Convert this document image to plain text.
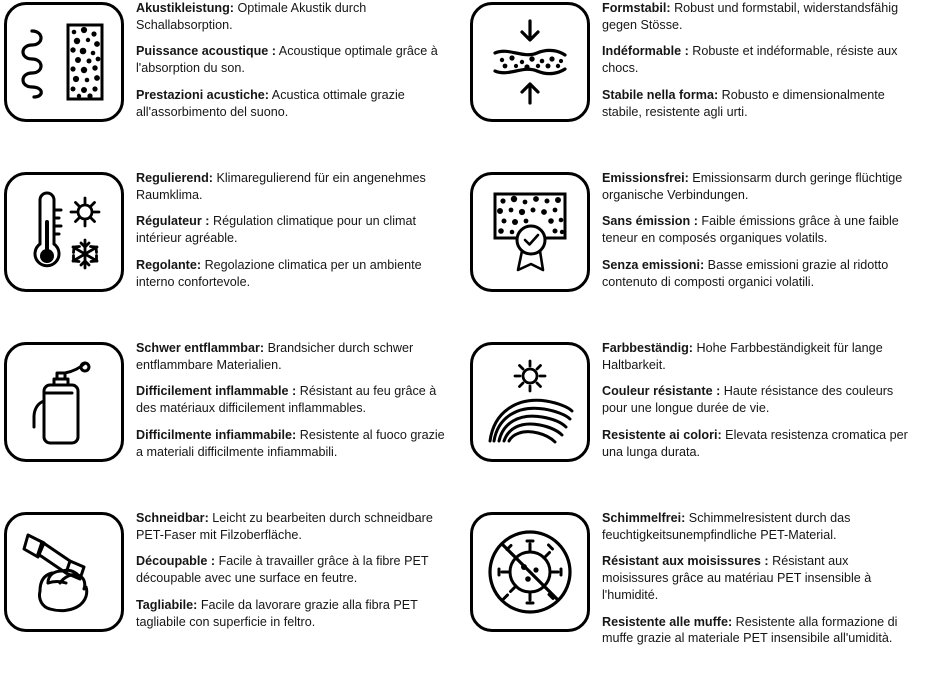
Akustikleistung: Optimale Akustik durch Schallabsorption.
Puissance acoustique : Acoustique optimale grâce à l'absorption du son.
Prestazioni acustiche: Acustica ottimale grazie all'assorbimento del suono.
Formstabil: Robust und formstabil, widerstandsfähig gegen Stösse.
Indéformable : Robuste et indéformable, résiste aux chocs.
Stabile nella forma: Robusto e dimensionalmente stabile, resistente agli urti.
Regulierend: Klimaregulierend für ein angenehmes Raumklima.
Régulateur : Régulation climatique pour un climat intérieur agréable.
Regolante: Regolazione climatica per un ambiente interno confortevole.
Emissionsfrei: Emissionsarm durch geringe flüchtige organische Verbindungen.
Sans émission : Faible émissions grâce à une faible teneur en composés organiques volatils.
Senza emissioni: Basse emissioni grazie al ridotto contenuto di composti organici volatili.
Schwer entflammbar: Brandsicher durch schwer entflammbare Materialien.
Difficilement inflammable : Résistant au feu grâce à des matériaux difficilement inflammables.
Difficilmente infiammabile: Resistente al fuoco grazie a materiali difficilmente infiammabili.
Farbbeständig: Hohe Farbbeständigkeit für lange Haltbarkeit.
Couleur résistante : Haute résistance des couleurs pour une longue durée de vie.
Resistente ai colori: Elevata resistenza cromatica per una lunga durata.
Schneidbar: Leicht zu bearbeiten durch schneidbare PET-Faser mit Filzoberfläche.
Découpable : Facile à travailler grâce à la fibre PET découpable avec une surface en feutre.
Tagliabile: Facile da lavorare grazie alla fibra PET tagliabile con superficie in feltro.
Schimmelfrei: Schimmelresistent durch das feuchtigkeitsunempfindliche PET-Material.
Résistant aux moisissures : Résistant aux moisissures grâce au matériau PET insensible à l'humidité.
Resistente alle muffe: Resistente alla formazione di muffe grazie al materiale PET insensibile all'umidità.
